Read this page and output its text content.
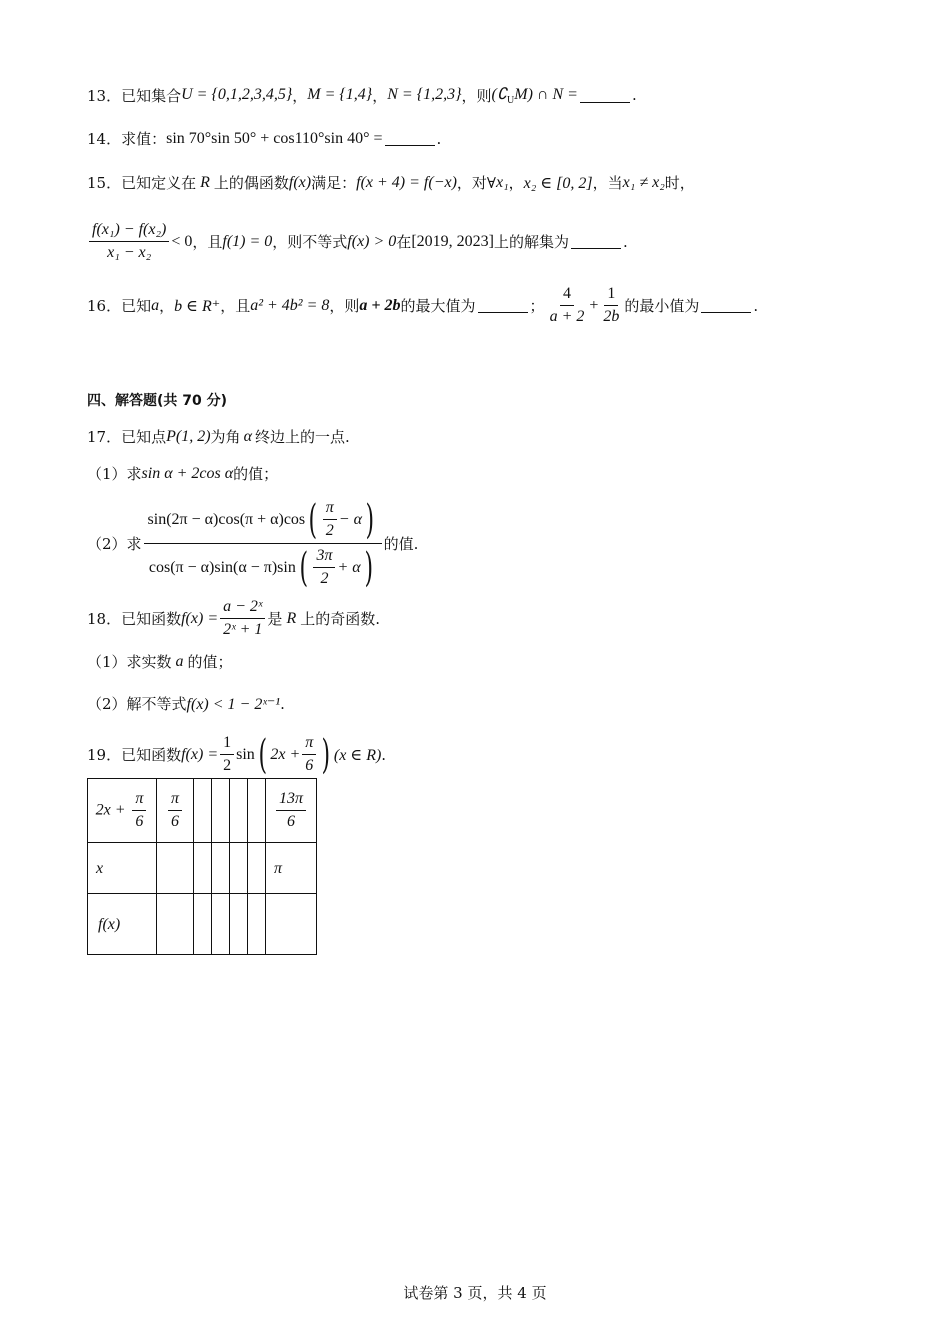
13． 已知集合 U = {0,1,2,3,4,5} ， M = {1,4} ， N = {1,2,3} ， 则 $(∁_UM)$ ∩ N =	.
14． 求值： sin 70°sin 50° + cos110°sin 40° =	.
15． 已知定义在 R 上的偶函数 f(x) 满足： f(x + 4) = f(−x) ，对∀ x₁ ， x₂ ∈ [0, 2] ，当 x₁ ≠ x₂ 时，
$\frac{\text{f(x₁) − f(x₂)}}{\text{x₁ − x₂}} < 0$ ，且 f(1) = 0 ，则不等式 f(x) > 0 在 [2019, 2023] 上的解集为	.
16． 已知 a ， b ∈ R⁺ ，且 a² + 4b² = 8 ，则 a + 2b 的最大值为	； $\frac{4}{a + 2} + \frac{1}{2b}$ 的最小值为	.
四、解答题(共 70 分)
17． 已知点 P(1, 2) 为角 α 终边上的一点.
（1）求 sin α + 2cos α 的值；
（2）求 $\frac{\sin(2\pi - \alpha)\cos(\pi + \alpha)\cos ( \frac{\pi}{2} - \alpha )}{\cos(\pi - \alpha)\sin(\alpha - \pi)\sin ( \frac{3\pi}{2} + \alpha )}$ 的值.
18． 已知函数 $f(x) = \frac{\text{a − 2ˣ}}{\text{2ˣ + 1}}$ 是 R 上的奇函数.
（1）求实数 a 的值；
（2）解不等式 f(x) < 1 − 2ˣ⁻¹ .
19． 已知函数 $f(x) = \frac{1}{2}$ sin ( $2x + \frac{\pi}{6}$ ) (x ∈ R) .
$2x + \frac{\pi}{6}$	$\frac{\pi}{6}$					$\frac{13\pi}{6}$

x						π
f(x)						
试卷第 3 页，共 4 页
